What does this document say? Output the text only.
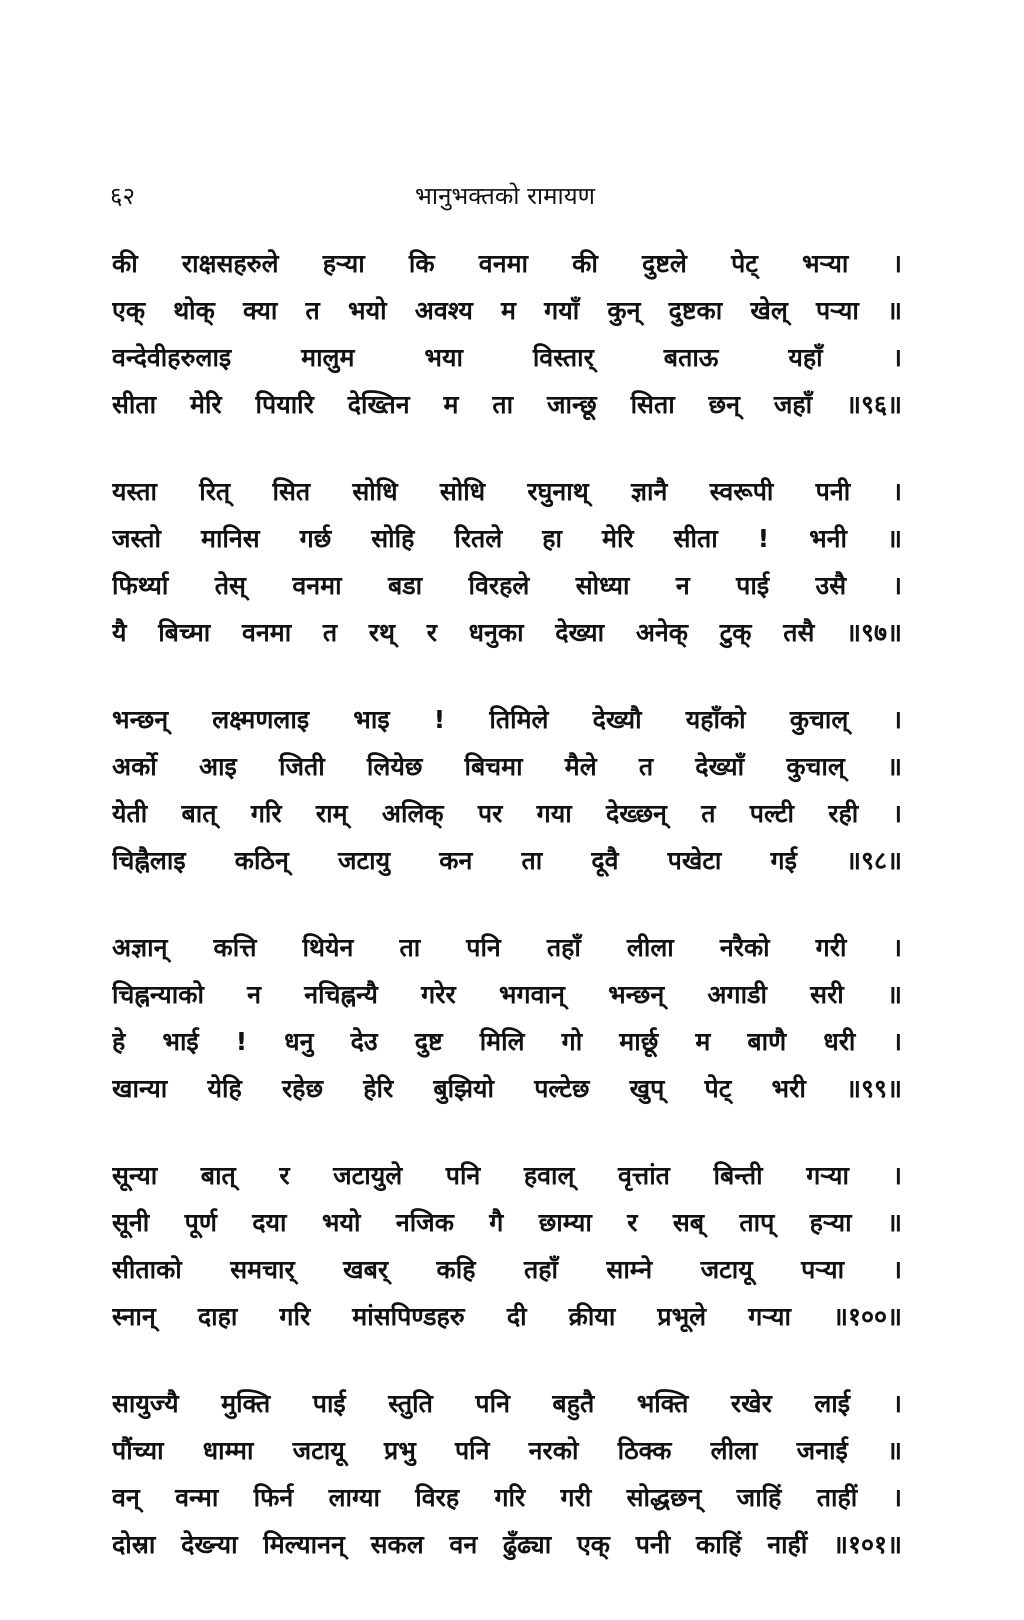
६२	भानुभक्तको रामायण
की राक्षसहरुले हऱ्या कि वनमा की दुष्टले पेट् भऱ्या ।
एक् थोक् क्या त भयो अवश्य म गयाँ कुन् दुष्टका खेल् पऱ्या ॥
वन्देवीहरुलाइ मालुम भया विस्तार् बताऊ यहाँ ।
सीता मेरि पियारि देख्तिन म ता जान्छू सिता छन् जहाँ ॥९६॥
यस्ता रित् सित सोधि सोधि रघुनाथ् ज्ञानै स्वरूपी पनी ।
जस्तो मानिस गर्छ सोहि रितले हा मेरि सीता ! भनी ॥
फिर्थ्या तेस् वनमा बडा विरहले सोध्या न पाई उसै ।
यै बिच्मा वनमा त रथ् र धनुका देख्या अनेक् टुक् तसै ॥९७॥
भन्छन् लक्ष्मणलाइ भाइ ! तिमिले देख्यौ यहाँको कुचाल् ।
अर्को आइ जिती लियेछ बिचमा मैले त देख्याँ कुचाल् ॥
येती बात् गरि राम् अलिक् पर गया देख्छन् त पल्टी रही ।
चिह्नैलाइ कठिन् जटायु कन ता दूवै पखेटा गई ॥९८॥
अज्ञान् कत्ति थियेन ता पनि तहाँ लीला नरैको गरी ।
चिह्नन्याको न नचिह्नन्यै गरेर भगवान् भन्छन् अगाडी सरी ॥
हे भाई ! धनु देउ दुष्ट मिलि गो मार्छू म बाणै धरी ।
खान्या येहि रहेछ हेरि बुझियो पल्टेछ खुप् पेट् भरी ॥९९॥
सून्या बात् र जटायुले पनि हवाल् वृत्तांत बिन्ती गऱ्या ।
सूनी पूर्ण दया भयो नजिक गै छाम्या र सब् ताप् हऱ्या ॥
सीताको समचार् खबर् कहि तहाँ साम्ने जटायू पऱ्या ।
स्नान् दाहा गरि मांसपिण्डहरु दी क्रीया प्रभूले गऱ्या ॥१००॥
सायुज्यै मुक्ति पाई स्तुति पनि बहुतै भक्ति रखेर लाई ।
पौंच्या धाम्मा जटायू प्रभु पनि नरको ठिक्क लीला जनाई ॥
वन् वन्मा फिर्न लाग्या विरह गरि गरी सोद्धछन् जाहिं ताहीं ।
दोस्रा देख्न्या मिल्यानन् सकल वन ढुँढ्या एक् पनी काहिं नाहीं ॥१०१॥
